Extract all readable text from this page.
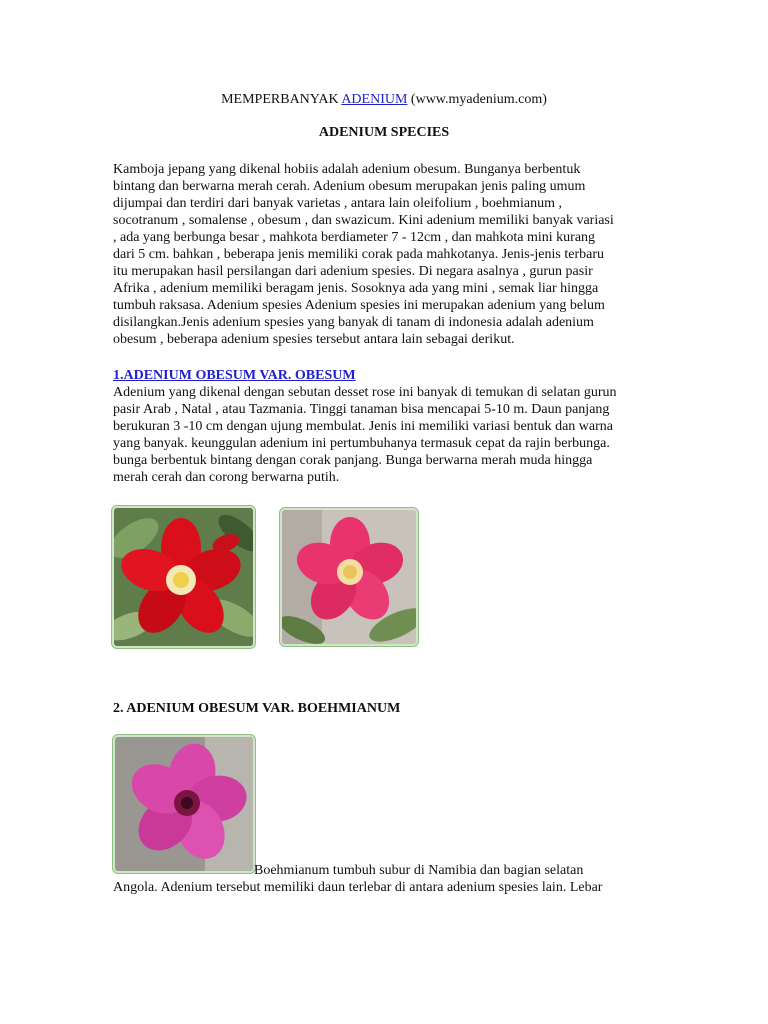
MEMPERBANYAK ADENIUM (www.myadenium.com)
ADENIUM SPECIES
Kamboja jepang yang dikenal hobiis adalah adenium obesum. Bunganya berbentuk
bintang dan berwarna merah cerah. Adenium obesum merupakan jenis paling umum
dijumpai dan terdiri dari banyak varietas , antara lain oleifolium , boehmianum ,
socotranum , somalense , obesum , dan swazicum. Kini adenium memiliki banyak variasi
, ada yang berbunga besar , mahkota berdiameter 7 - 12cm , dan mahkota mini kurang
dari 5 cm. bahkan , beberapa jenis memiliki corak pada mahkotanya. Jenis-jenis terbaru
itu merupakan hasil persilangan dari adenium spesies. Di negara asalnya , gurun pasir
Afrika , adenium memiliki beragam jenis. Sosoknya ada yang mini , semak liar hingga
tumbuh raksasa. Adenium spesies Adenium spesies ini merupakan adenium yang belum
disilangkan.Jenis adenium spesies yang banyak di tanam di indonesia adalah adenium
obesum , beberapa adenium spesies tersebut antara lain sebagai derikut.
1.ADENIUM OBESUM VAR. OBESUM
Adenium yang dikenal dengan sebutan desset rose ini banyak di temukan di selatan gurun
pasir Arab , Natal , atau Tazmania. Tinggi tanaman bisa mencapai 5-10 m. Daun panjang
berukuran 3 -10 cm dengan ujung membulat. Jenis ini memiliki variasi bentuk dan warna
yang banyak. keunggulan adenium ini pertumbuhanya termasuk cepat da rajin berbunga.
bunga berbentuk bintang dengan corak panjang. Bunga berwarna merah muda hingga
merah cerah dan corong berwarna putih.
2. ADENIUM OBESUM VAR. BOEHMIANUM
Boehmianum tumbuh subur di Namibia dan bagian selatan
Angola. Adenium tersebut memiliki daun terlebar di antara adenium spesies lain. Lebar
